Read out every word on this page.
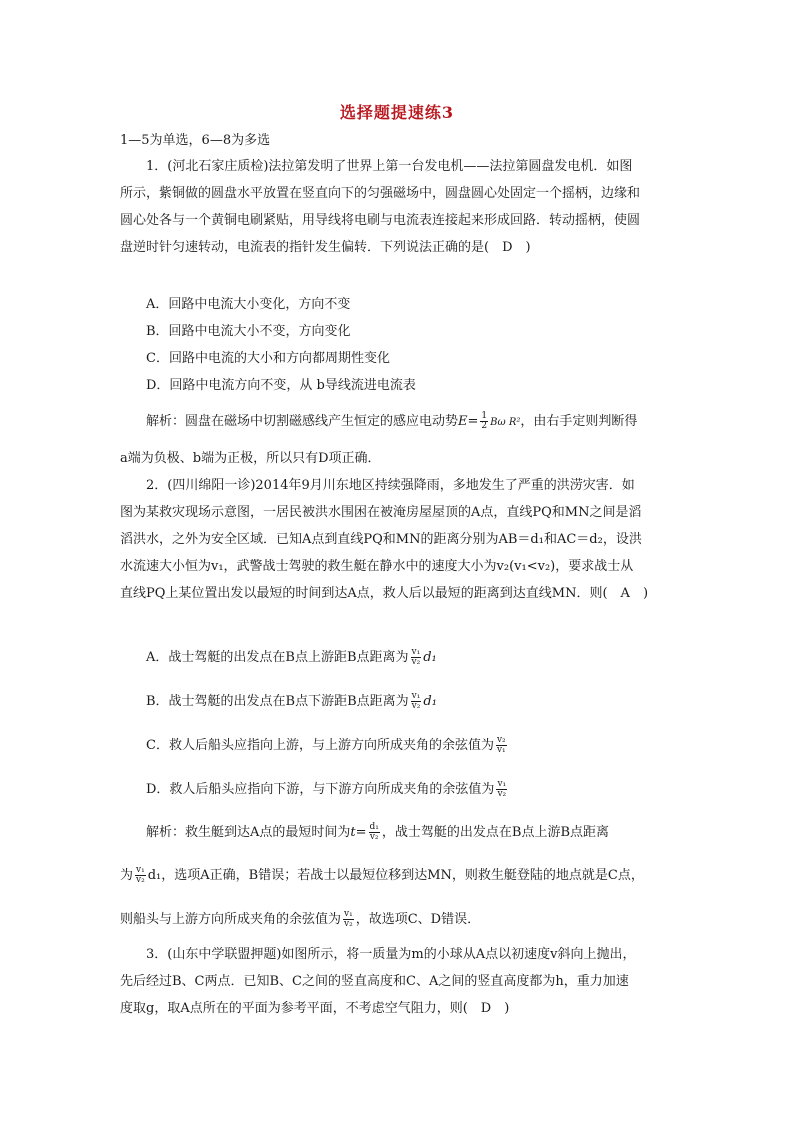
选择题提速练3
1—5为单选，6—8为多选
1．(河北石家庄质检)法拉第发明了世界上第一台发电机——法拉第圆盘发电机．如图
所示，紫铜做的圆盘水平放置在竖直向下的匀强磁场中，圆盘圆心处固定一个摇柄，边缘和
圆心处各与一个黄铜电刷紧贴，用导线将电刷与电流表连接起来形成回路．转动摇柄，使圆
盘逆时针匀速转动，电流表的指针发生偏转．下列说法正确的是(　D　)
A．回路中电流大小变化，方向不变
B．回路中电流大小不变，方向变化
C．回路中电流的大小和方向都周期性变化
D．回路中电流方向不变，从 b导线流进电流表
解析：圆盘在磁场中切割磁感线产生恒定的感应电动势$E= \frac{1}{2}$ Bω R²，由右手定则判断得
a端为负极、b端为正极，所以只有D项正确．
2．(四川绵阳一诊)2014年9月川东地区持续强降雨，多地发生了严重的洪涝灾害．如
图为某救灾现场示意图，一居民被洪水围困在被淹房屋屋顶的A点，直线PQ和MN之间是滔
滔洪水，之外为安全区域．已知A点到直线PQ和MN的距离分别为AB＝d₁和AC＝d₂，设洪
水流速大小恒为v₁，武警战士驾驶的救生艇在静水中的速度大小为v₂(v₁<v₂)，要求战士从
直线PQ上某位置出发以最短的时间到达A点，救人后以最短的距离到达直线MN．则(　A　)
A．战士驾艇的出发点在B点上游距B点距离为 $\frac{\text{v₁}}{\text{v₂}} d_1$
B．战士驾艇的出发点在B点下游距B点距离为 $\frac{\text{v₁}}{\text{v₂}} d_1$
C．救人后船头应指向上游，与上游方向所成夹角的余弦值为 $\frac{\text{v₂}}{\text{v₁}}$
D．救人后船头应指向下游，与下游方向所成夹角的余弦值为 $\frac{\text{v₁}}{\text{v₂}}$
解析：救生艇到达A点的最短时间为$t= \frac{\text{d₁}}{\text{v₂}}$ ，战士驾艇的出发点在B点上游B点距离
为 $\frac{\text{v₁}}{\text{v₂}} d_1$，选项A正确，B错误；若战士以最短位移到达MN，则救生艇登陆的地点就是C点，
则船头与上游方向所成夹角的余弦值为 $\frac{\text{v₁}}{\text{v₂}}$ ，故选项C、D错误．
3．(山东中学联盟押题)如图所示，将一质量为m的小球从A点以初速度v斜向上抛出，
先后经过B、C两点．已知B、C之间的竖直高度和C、A之间的竖直高度都为h，重力加速
度取g，取A点所在的平面为参考平面，不考虑空气阻力，则(　D　)
